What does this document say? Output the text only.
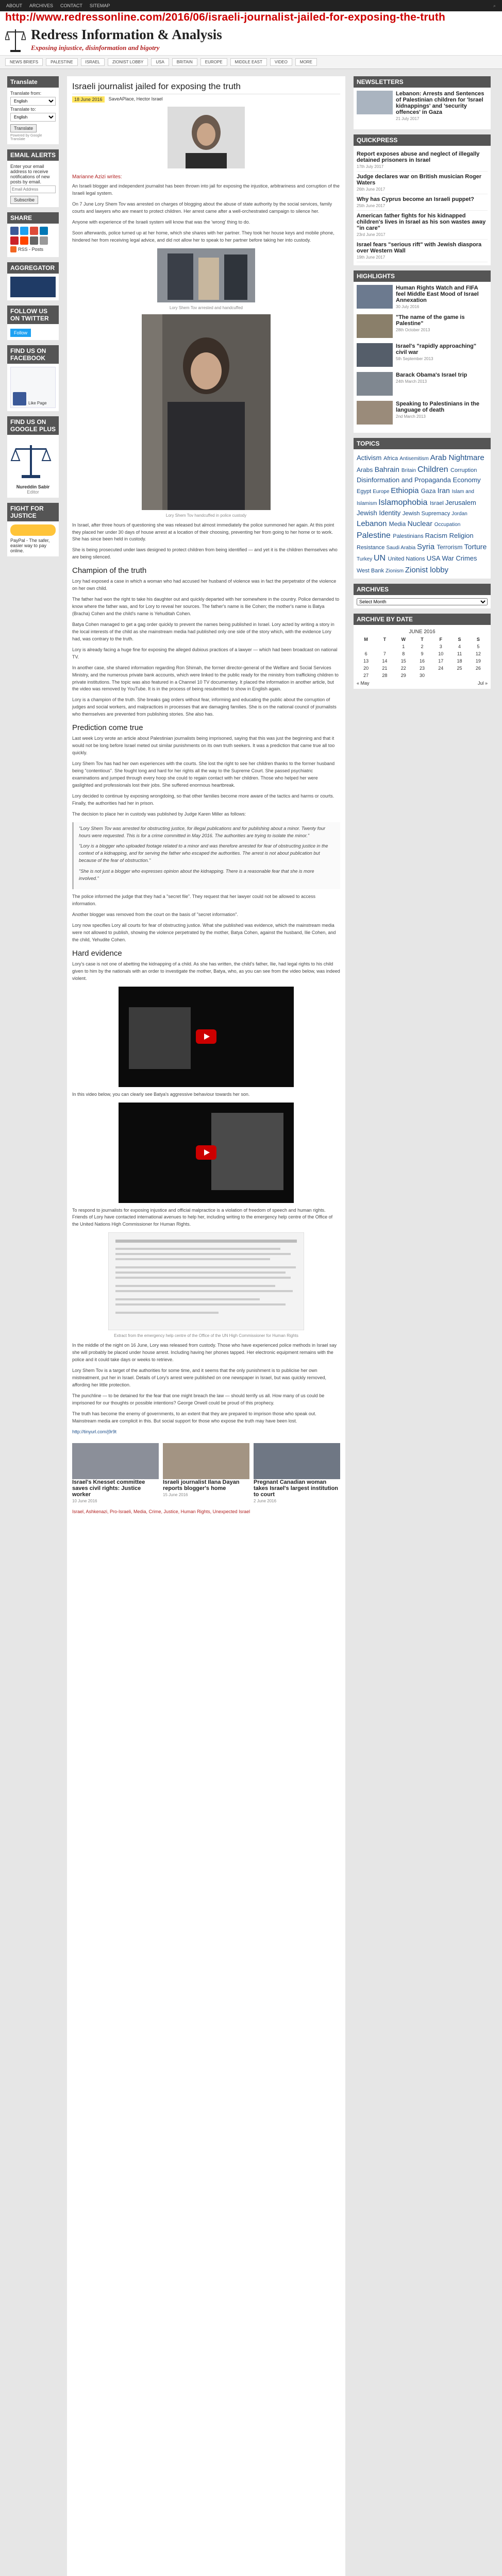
ABOUT ARCHIVES CONTACT SITEMAP	⌕
http://www.redressonline.com/2016/06/israeli-journalist-jailed-for-exposing-the-truth
Redress Information & Analysis
Exposing injustice, disinformation and bigotry
NEWS BRIEFS	PALESTINE	ISRAEL	ZIONIST LOBBY	USA	BRITAIN	EUROPE	MIDDLE EAST	VIDEO	MORE
Translate
Translate from:
English
Translate to:
English Translate
Powered by Google Translate
EMAIL ALERTS
Enter your email address to receive notifications of new posts by email.
Email Address Subscribe
SHARE
RSS - Posts
AGGREGATOR
FOLLOW US ON TWITTER
Follow
FIND US ON FACEBOOK
Like Page
FIND US ON GOOGLE PLUS
Nureddin Sabir
Editor
FIGHT FOR JUSTICE
PayPal - The safer, easier way to pay online.
Israeli journalist jailed for exposing the truth
18 June 2016	SaveAPlace, Hector Israel
Marianne Azizi writes:

An Israeli blogger and independent journalist has been thrown into jail for exposing the injustice, arbitrariness and corruption of the Israeli legal system.

On 7 June Lory Shem Tov was arrested on charges of blogging about the abuse of state authority by the social services, family courts and lawyers who are meant to protect children. Her arrest came after a well-orchestrated campaign to silence her.

Anyone with experience of the Israeli system will know that was the 'wrong' thing to do.

Soon afterwards, police turned up at her home, which she shares with her partner. They took her house keys and mobile phone, hindered her from receiving legal advice, and did not allow her to speak to her partner before taking her into custody.

Lory Shem Tov arrested and handcuffed
Lory Shem Tov handcuffed in police custody

In Israel, after three hours of questioning she was released but almost immediately the police summoned her again. At this point they placed her under 30 days of house arrest at a location of their choosing, preventing her from going to her home or to work. She has since been held in custody.

She is being prosecuted under laws designed to protect children from being identified — and yet it is the children themselves who are being silenced.

Champion of the truth

Lory had exposed a case in which a woman who had accused her husband of violence was in fact the perpetrator of the violence on her own child.

The father had won the right to take his daughter out and quickly departed with her somewhere in the country. Police demanded to know where the father was, and for Lory to reveal her sources. The father's name is Ilie Cohen; the mother's name is Batya (Bracha) Cohen and the child's name is Yehuditah Cohen.

Batya Cohen managed to get a gag order quickly to prevent the names being published in Israel. Lory acted by writing a story in the local interests of the child as she mainstream media had published only one side of the story which, with the evidence Lory had, was contrary to the truth.

Lory is already facing a huge fine for exposing the alleged dubious practices of a lawyer — which had been broadcast on national TV.

In another case, she shared information regarding Ron Shimah, the former director-general of the Welfare and Social Services Ministry, and the numerous private bank accounts, which were linked to the public ready for the ministry from trafficking children to private institutions. The topic was also featured in a Channel 10 TV documentary. It placed the information in another article, but the video was removed by YouTube. It is in the process of being resubmitted to show in English again.

Lory is a champion of the truth. She breaks gag orders without fear, informing and educating the public about the corruption of judges and social workers, and malpractices in processes that are damaging families. She is on the national council of journalists who themselves are prevented from publishing stories. She also has.

Prediction come true

Last week Lory wrote an article about Palestinian journalists being imprisoned, saying that this was just the beginning and that it would not be long before Israel meted out similar punishments on its own truth seekers. It was a prediction that came true all too quickly.

Lory Shem Tov has had her own experiences with the courts. She lost the right to see her children thanks to the former husband being "contentious". She fought long and hard for her rights all the way to the Supreme Court. She passed psychiatric examinations and jumped through every hoop she could to regain contact with her children. Those who helped her were gaslighted and professionals lost their jobs. She suffered enormous heartbreak.

Lory decided to continue by exposing wrongdoing, so that other families become more aware of the tactics and harms or courts. Finally, the authorities had her in prison.

The decision to place her in custody was published by Judge Karen Miller as follows:

"Lory Shem Tov was arrested for obstructing justice, for illegal publications and for publishing about a minor. Twenty four hours were requested. This is for a crime committed in May 2016. The authorities are trying to isolate the minor."

"Lory is a blogger who uploaded footage related to a minor and was therefore arrested for fear of obstructing justice in the context of a kidnapping, and for serving the father who escaped the authorities. The arrest is not about publication but because of the fear of obstruction."

"She is not just a blogger who expresses opinion about the kidnapping. There is a reasonable fear that she is more involved."

The police informed the judge that they had a "secret file". They request that her lawyer could not be allowed to access information.

Another blogger was removed from the court on the basis of "secret information".

Lory now specifies Lory all courts for fear of obstructing justice. What she published was evidence, which the mainstream media were not allowed to publish, showing the violence perpetrated by the mother, Batya Cohen, against the husband, Ilie Cohen, and the child, Yehudite Cohen.

Hard evidence

Lory's case is not one of abetting the kidnapping of a child. As she has written, the child's father, Ilie, had legal rights to his child given to him by the nationals with an order to investigate the mother, Batya, who, as you can see from the video below, was indeed violent.

In this video below, you can clearly see Batya's aggressive behaviour towards her son.

To respond to journalists for exposing injustice and official malpractice is a violation of freedom of speech and human rights. Friends of Lory have contacted international avenues to help her, including writing to the emergency help centre of the Office of the United Nations High Commissioner for Human Rights.

Extract from the emergency help centre of the Office of the UN High Commissioner for Human Rights

In the middle of the night on 16 June, Lory was released from custody. Those who have experienced police methods in Israel say she will probably be placed under house arrest. Including having her phones tapped. Her electronic equipment remains with the police and it could take days or weeks to retrieve.

Lory Shem Tov is a target of the authorities for some time, and it seems that the only punishment is to publicise her own mistreatment, put her in Israel. Details of Lory's arrest were published on one newspaper in Israel, but was quickly removed, affording her little protection.

The punchline — to be detained for the fear that one might breach the law — should terrify us all. How many of us could be imprisoned for our thoughts or possible intentions? George Orwell could be proud of this prophecy.

The truth has become the enemy of governments, to an extent that they are prepared to imprison those who speak out. Mainstream media are complicit in this. But social support for those who expose the truth may have been lost.

http://tinyurl.com/j9r9t

Israel's Knesset committee saves civil rights: Justice worker
10 June 2016
Israeli journalist Ilana Dayan reports blogger's home
15 June 2016
Pregnant Canadian woman takes Israel's largest institution to court
2 June 2016

Israel, Ashkenazi, Pro-Israeli, Media, Crime, Justice, Human Rights, Unexpected Israel

NEWSLETTERS
Lebanon: Arrests and Sentences of Palestinian children for 'Israel kidnappings' and 'security offences' in Gaza
21 July 2017
QUICKPRESS
Report exposes abuse and neglect of illegally detained prisoners in Israel
17th July 2017
Judge declares war on British musician Roger Waters
26th June 2017
Why has Cyprus become an Israeli puppet?
25th June 2017
American father fights for his kidnapped children's lives in Israel as his son wastes away "in care"
23rd June 2017
Israel fears "serious rift" with Jewish diaspora over Western Wall
19th June 2017
HIGHLIGHTS
Human Rights Watch and FIFA feel Middle East Mood of Israel Annexation
30 July 2016
"The name of the game is Palestine"
28th October 2013
Israel's "rapidly approaching" civil war
5th September 2013
Barack Obama's Israel trip
24th March 2013
Speaking to Palestinians in the language of death
2nd March 2013
TOPICS
Activism Africa Antisemitism Arab Nightmare Arabs Bahrain Britain Children Corruption Disinformation and Propaganda Economy Egypt Europe Ethiopia Gaza Iran Islam and Islamism Islamophobia Israel Jerusalem Jewish Identity Jewish Supremacy Jordan Lebanon Media Nuclear Occupation Palestine Palestinians Racism Religion Resistance Saudi Arabia Syria Terrorism Torture Turkey UN United Nations USA War Crimes West Bank Zionism Zionist lobby
ARCHIVES
Select Month
ARCHIVE BY DATE
JUNE 2016
M	T	W	T	F	S	S
		1	2	3	4	5
6	7	8	9	10	11	12
13	14	15	16	17	18	19
20	21	22	23	24	25	26
27	28	29	30			
« May	Jul »
